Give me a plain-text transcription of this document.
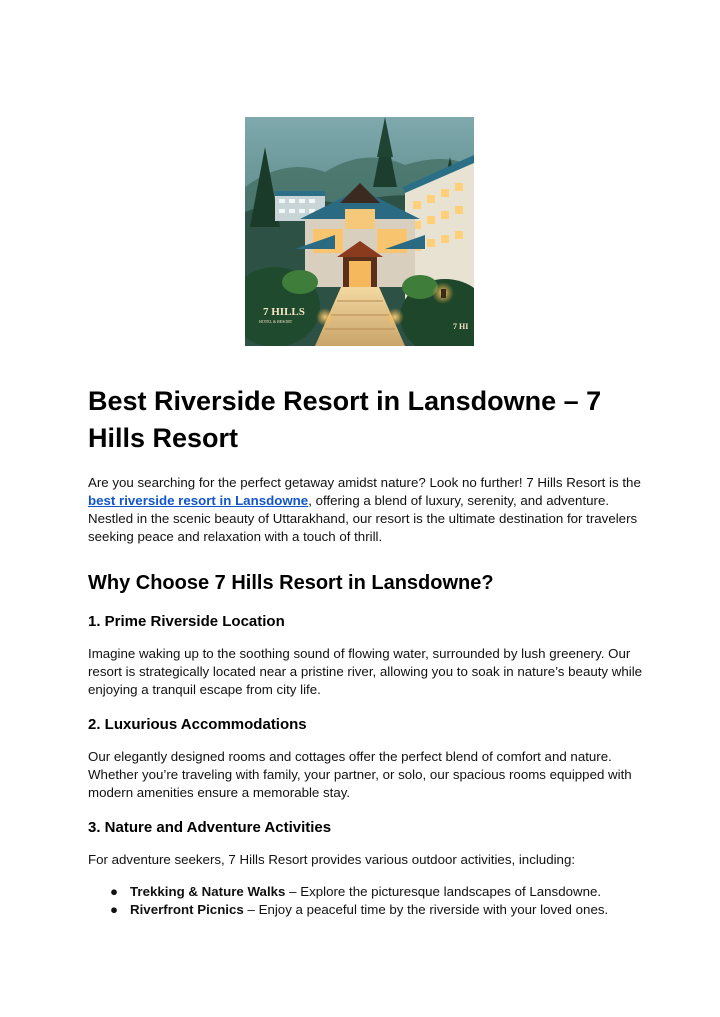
7 HILLS
HOTEL & RESORT
7 HI
Best Riverside Resort in Lansdowne – 7 Hills Resort

Are you searching for the perfect getaway amidst nature? Look no further! 7 Hills Resort is the best riverside resort in Lansdowne, offering a blend of luxury, serenity, and adventure. Nestled in the scenic beauty of Uttarakhand, our resort is the ultimate destination for travelers seeking peace and relaxation with a touch of thrill.

Why Choose 7 Hills Resort in Lansdowne?
1. Prime Riverside Location

Imagine waking up to the soothing sound of flowing water, surrounded by lush greenery. Our resort is strategically located near a pristine river, allowing you to soak in nature’s beauty while enjoying a tranquil escape from city life.

2. Luxurious Accommodations

Our elegantly designed rooms and cottages offer the perfect blend of comfort and nature. Whether you’re traveling with family, your partner, or solo, our spacious rooms equipped with modern amenities ensure a memorable stay.

3. Nature and Adventure Activities

For adventure seekers, 7 Hills Resort provides various outdoor activities, including:

● Trekking & Nature Walks – Explore the picturesque landscapes of Lansdowne.
● Riverfront Picnics – Enjoy a peaceful time by the riverside with your loved ones.
